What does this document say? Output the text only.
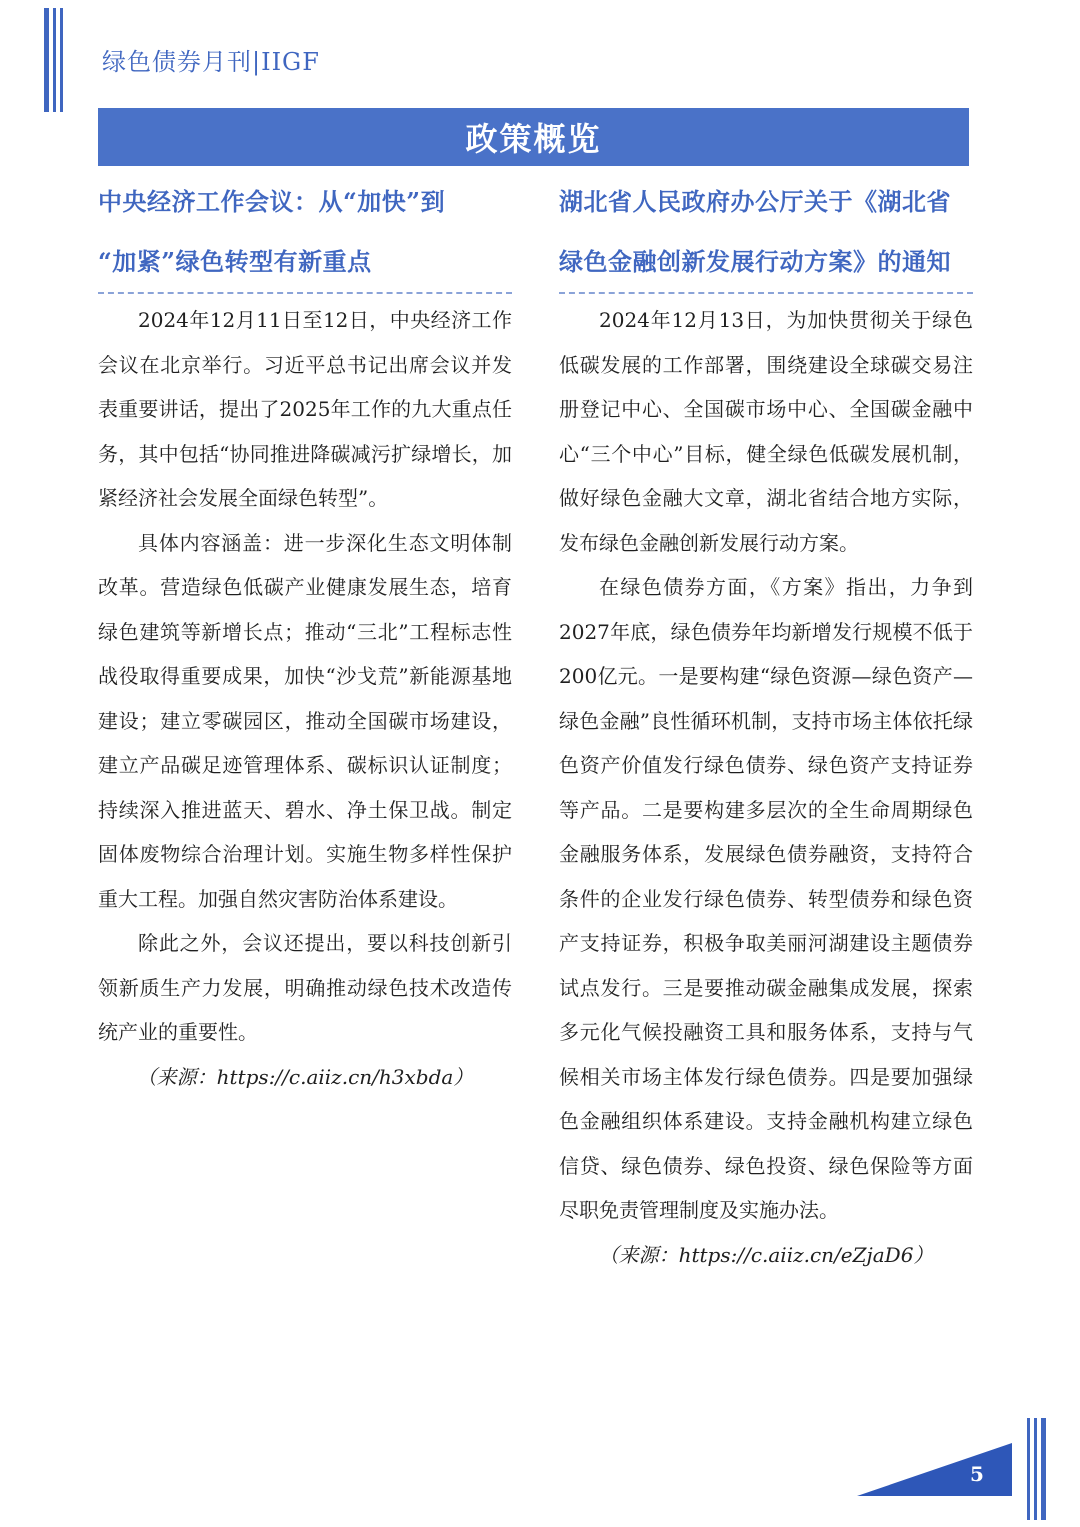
绿色债券月刊|IIGF
政策概览
中央经济工作会议：从“加快”到
“加紧”绿色转型有新重点

2024年12月11日至12日，中央经济工作会议在北京举行。习近平总书记出席会议并发表重要讲话，提出了2025年工作的九大重点任务，其中包括“协同推进降碳减污扩绿增长，加紧经济社会发展全面绿色转型”。

具体内容涵盖：进一步深化生态文明体制改革。营造绿色低碳产业健康发展生态，培育绿色建筑等新增长点；推动“三北”工程标志性战役取得重要成果，加快“沙戈荒”新能源基地建设；建立零碳园区，推动全国碳市场建设，建立产品碳足迹管理体系、碳标识认证制度；持续深入推进蓝天、碧水、净土保卫战。制定固体废物综合治理计划。实施生物多样性保护重大工程。加强自然灾害防治体系建设。

除此之外，会议还提出，要以科技创新引领新质生产力发展，明确推动绿色技术改造传统产业的重要性。

（来源：https://c.aiiz.cn/h3xbda）

湖北省人民政府办公厅关于《湖北省
绿色金融创新发展行动方案》的通知

2024年12月13日，为加快贯彻关于绿色低碳发展的工作部署，围绕建设全球碳交易注册登记中心、全国碳市场中心、全国碳金融中心“三个中心”目标，健全绿色低碳发展机制，做好绿色金融大文章，湖北省结合地方实际，发布绿色金融创新发展行动方案。

在绿色债券方面，《方案》指出，力争到2027年底，绿色债券年均新增发行规模不低于200亿元。一是要构建“绿色资源—绿色资产—绿色金融”良性循环机制，支持市场主体依托绿色资产价值发行绿色债券、绿色资产支持证券等产品。二是要构建多层次的全生命周期绿色金融服务体系，发展绿色债券融资，支持符合条件的企业发行绿色债券、转型债券和绿色资产支持证券，积极争取美丽河湖建设主题债券试点发行。三是要推动碳金融集成发展，探索多元化气候投融资工具和服务体系，支持与气候相关市场主体发行绿色债券。四是要加强绿色金融组织体系建设。支持金融机构建立绿色信贷、绿色债券、绿色投资、绿色保险等方面尽职免责管理制度及实施办法。

（来源：https://c.aiiz.cn/eZjaD6）

5
